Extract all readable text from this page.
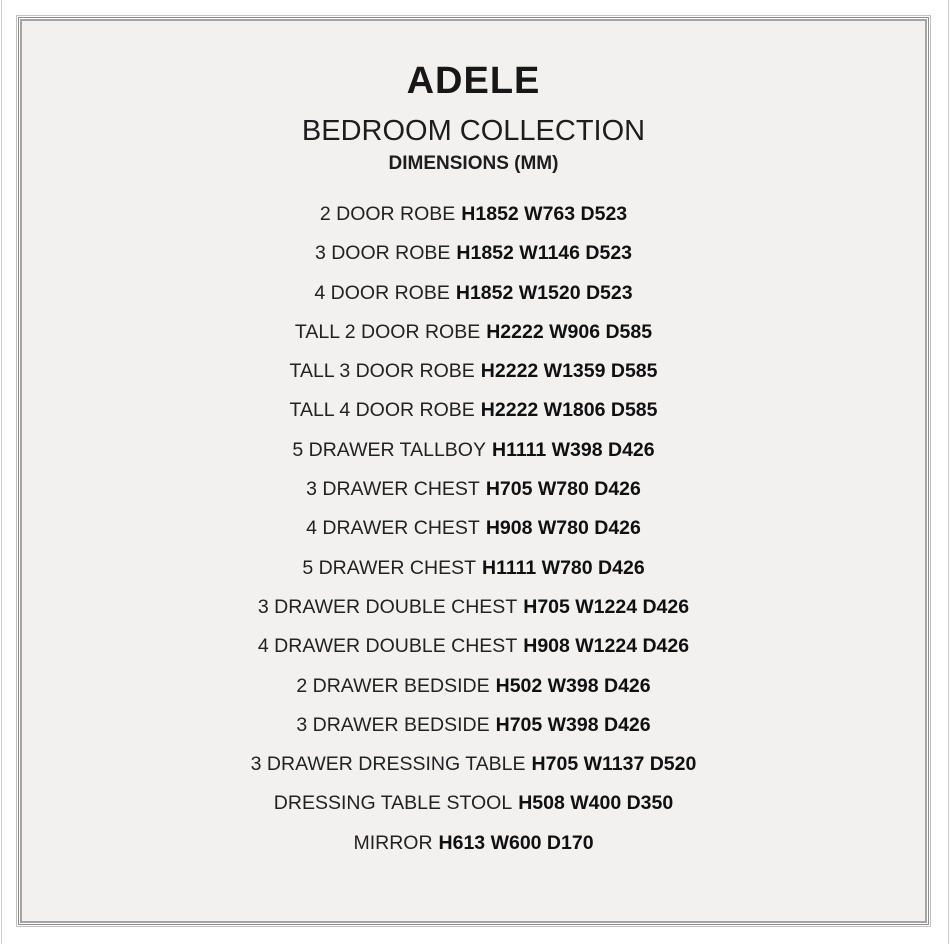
ADELE
BEDROOM COLLECTION
DIMENSIONS (MM)
2 DOOR ROBE H1852 W763 D523
3 DOOR ROBE H1852 W1146 D523
4 DOOR ROBE H1852 W1520 D523
TALL 2 DOOR ROBE H2222 W906 D585
TALL 3 DOOR ROBE H2222 W1359 D585
TALL 4 DOOR ROBE H2222 W1806 D585
5 DRAWER TALLBOY H1111 W398 D426
3 DRAWER CHEST H705 W780 D426
4 DRAWER CHEST H908 W780 D426
5 DRAWER CHEST H1111 W780 D426
3 DRAWER DOUBLE CHEST H705 W1224 D426
4 DRAWER DOUBLE CHEST H908 W1224 D426
2 DRAWER BEDSIDE H502 W398 D426
3 DRAWER BEDSIDE H705 W398 D426
3 DRAWER DRESSING TABLE H705 W1137 D520
DRESSING TABLE STOOL H508 W400 D350
MIRROR H613 W600 D170
